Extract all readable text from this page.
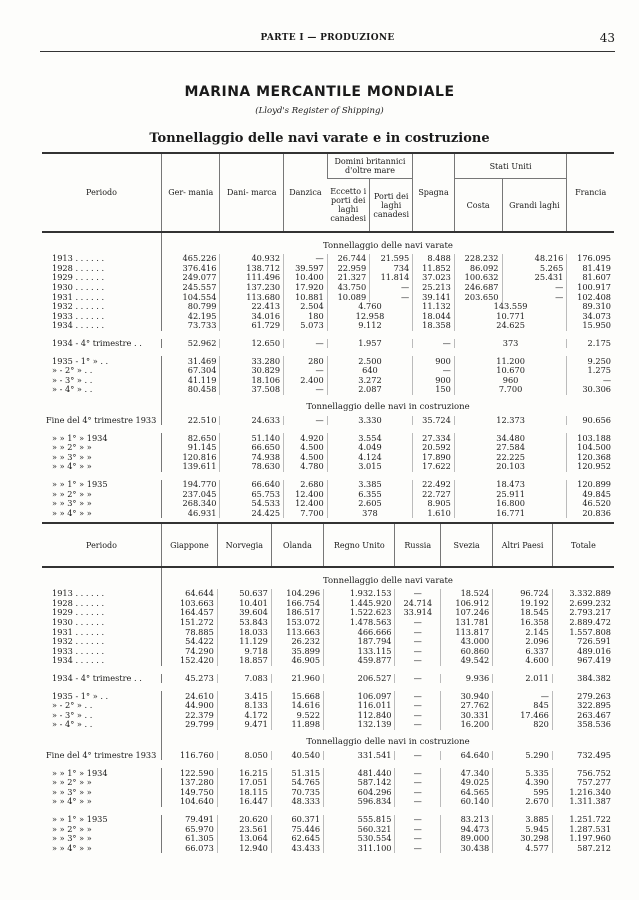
PARTE I — PRODUZIONE	43
MARINA MERCANTILE MONDIALE
(Lloyd's Register of Shipping)
Tonnellaggio delle navi varate e in costruzione
Periodo	Ger- mania	Dani- marca	Danzica	Domini britannici d'oltre mare		Spagna	Stati Uniti		Francia
				Eccetto i porti dei laghi canadesi	Porti dei laghi canadesi		Costa	Grandi laghi	
	Tonnellaggio delle navi varate								
1913 . . . . . .	465.226	40.932	—	26.744	21.595	8.488	228.232	48.216	176.095
1928 . . . . . .	376.416	138.712	39.597	22.959	734	11.852	86.092	5.265	81.419
1929 . . . . . .	249.077	111.496	10.400	21.327	11.814	37.023	100.632	25.431	81.607
1930 . . . . . .	245.557	137.230	17.920	43.750	—	25.213	246.687	—	100.917
1931 . . . . . .	104.554	113.680	10.881	10.089	—	39.141	203.650	—	102.408
1932 . . . . . .	80.799	22.413	2.504	4.760		11.132	143.559		89.310
1933 . . . . . .	42.195	34.016	180	12.958		18.044	10.771		34.073
1934 . . . . . .	73.733	61.729	5.073	9.112		18.358	24.625		15.950

1934 - 4° trimestre . .	52.962	12.650	—	1.957		—	373		2.175

1935 - 1° » . .	31.469	33.280	280	2.500		900	11.200		9.250
» - 2° » . .	67.304	30.829	—	640		—	10.670		1.275
» - 3° » . .	41.119	18.106	2.400	3.272		900	960		—
» - 4° » . .	80.458	37.508	—	2.087		150	7.700		30.306
	Tonnellaggio delle navi in costruzione								
Fine del 4° trimestre 1933	22.510	24.633	—	3.330		35.724	12.373		90.656

» » 1° » 1934	82.650	51.140	4.920	3.554		27.334	34.480		103.188
» » 2° » »	91.145	66.650	4.500	4.049		20.592	27.584		104.500
» » 3° » »	120.816	74.938	4.500	4.124		17.890	22.225		120.368
» » 4° » »	139.611	78.630	4.780	3.015		17.622	20.103		120.952

» » 1° » 1935	194.770	66.640	2.680	3.385		22.492	18.473		120.899
» » 2° » »	237.045	65.753	12.400	6.355		22.727	25.911		49.845
» » 3° » »	268.340	54.533	12.400	2.605		8.905	16.800		46.520
» » 4° » »	46.931	24.425	7.700	378		1.610	16.771		20.836
Periodo	Giappone	Norvegia	Olanda	Regno Unito	Russia	Svezia	Altri Paesi	Totale
	Tonnellaggio delle navi varate							
1913 . . . . . .	64.644	50.637	104.296	1.932.153	—	18.524	96.724	3.332.889
1928 . . . . . .	103.663	10.401	166.754	1.445.920	24.714	106.912	19.192	2.699.232
1929 . . . . . .	164.457	39.604	186.517	1.522.623	33.914	107.246	18.545	2.793.217
1930 . . . . . .	151.272	53.843	153.072	1.478.563	—	131.781	16.358	2.889.472
1931 . . . . . .	78.885	18.033	113.663	466.666	—	113.817	2.145	1.557.808
1932 . . . . . .	54.422	11.129	26.232	187.794	—	43.000	2.096	726.591
1933 . . . . . .	74.290	9.718	35.899	133.115	—	60.860	6.337	489.016
1934 . . . . . .	152.420	18.857	46.905	459.877	—	49.542	4.600	967.419

1934 - 4° trimestre . .	45.273	7.083	21.960	206.527	—	9.936	2.011	384.382

1935 - 1° » . .	24.610	3.415	15.668	106.097	—	30.940	—	279.263
» - 2° » . .	44.900	8.133	14.616	116.011	—	27.762	845	322.895
» - 3° » . .	22.379	4.172	9.522	112.840	—	30.331	17.466	263.467
» - 4° » . .	29.799	9.471	11.898	132.139	—	16.200	820	358.536
	Tonnellaggio delle navi in costruzione							
Fine del 4° trimestre 1933	116.760	8.050	40.540	331.541	—	64.640	5.290	732.495

» » 1° » 1934	122.590	16.215	51.315	481.440	—	47.340	5.335	756.752
» » 2° » »	137.280	17.051	54.765	587.142	—	49.025	4.390	757.277
» » 3° » »	149.750	18.115	70.735	604.296	—	64.565	595	1.216.340
» » 4° » »	104.640	16.447	48.333	596.834	—	60.140	2.670	1.311.387

» » 1° » 1935	79.491	20.620	60.371	555.815	—	83.213	3.885	1.251.722
» » 2° » »	65.970	23.561	75.446	560.321	—	94.473	5.945	1.287.531
» » 3° » »	61.305	13.064	62.645	530.554	—	89.000	30.298	1.197.960
» » 4° » »	66.073	12.940	43.433	311.100	—	30.438	4.577	587.212
